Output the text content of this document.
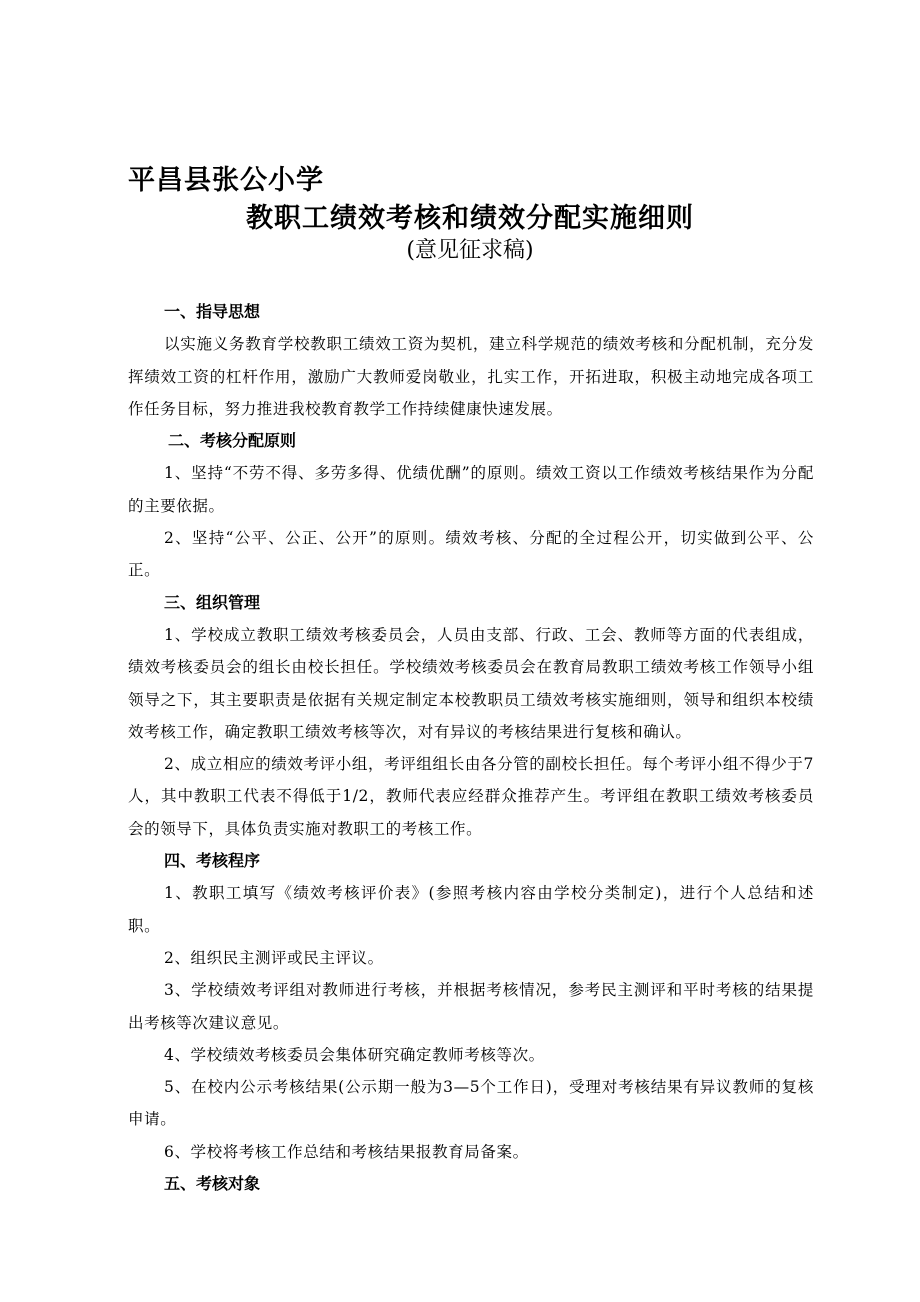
平昌县张公小学
教职工绩效考核和绩效分配实施细则
(意见征求稿)
一、指导思想
以实施义务教育学校教职工绩效工资为契机，建立科学规范的绩效考核和分配机制，充分发挥绩效工资的杠杆作用，激励广大教师爱岗敬业，扎实工作，开拓进取，积极主动地完成各项工作任务目标，努力推进我校教育教学工作持续健康快速发展。
二、考核分配原则
1、坚持“不劳不得、多劳多得、优绩优酬”的原则。绩效工资以工作绩效考核结果作为分配的主要依据。
2、坚持“公平、公正、公开”的原则。绩效考核、分配的全过程公开，切实做到公平、公正。
三、组织管理
1、学校成立教职工绩效考核委员会，人员由支部、行政、工会、教师等方面的代表组成，绩效考核委员会的组长由校长担任。学校绩效考核委员会在教育局教职工绩效考核工作领导小组领导之下，其主要职责是依据有关规定制定本校教职员工绩效考核实施细则，领导和组织本校绩效考核工作，确定教职工绩效考核等次，对有异议的考核结果进行复核和确认。
2、成立相应的绩效考评小组，考评组组长由各分管的副校长担任。每个考评小组不得少于7人，其中教职工代表不得低于1/2，教师代表应经群众推荐产生。考评组在教职工绩效考核委员会的领导下，具体负责实施对教职工的考核工作。
四、考核程序
1、教职工填写《绩效考核评价表》(参照考核内容由学校分类制定)，进行个人总结和述职。
2、组织民主测评或民主评议。
3、学校绩效考评组对教师进行考核，并根据考核情况，参考民主测评和平时考核的结果提出考核等次建议意见。
4、学校绩效考核委员会集体研究确定教师考核等次。
5、在校内公示考核结果(公示期一般为3—5个工作日)，受理对考核结果有异议教师的复核申请。
6、学校将考核工作总结和考核结果报教育局备案。
五、考核对象
